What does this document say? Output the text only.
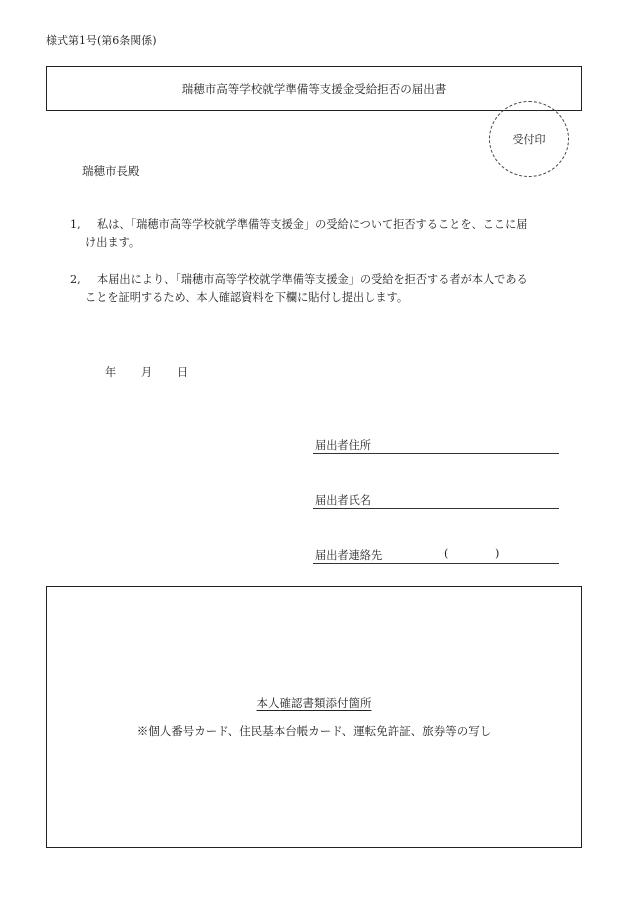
様式第1号(第6条関係)
瑞穂市高等学校就学準備等支援金受給拒否の届出書
受付印
瑞穂市長殿
1, 私は、「瑞穂市高等学校就学準備等支援金」の受給について拒否することを、ここに届
け出ます。
2, 本届出により、「瑞穂市高等学校就学準備等支援金」の受給を拒否する者が本人である
ことを証明するため、本人確認資料を下欄に貼付し提出します。
年 月 日
届出者住所
届出者氏名
届出者連絡先	(	)
本人確認書類添付箇所
※個人番号カード、住民基本台帳カード、運転免許証、旅券等の写し
